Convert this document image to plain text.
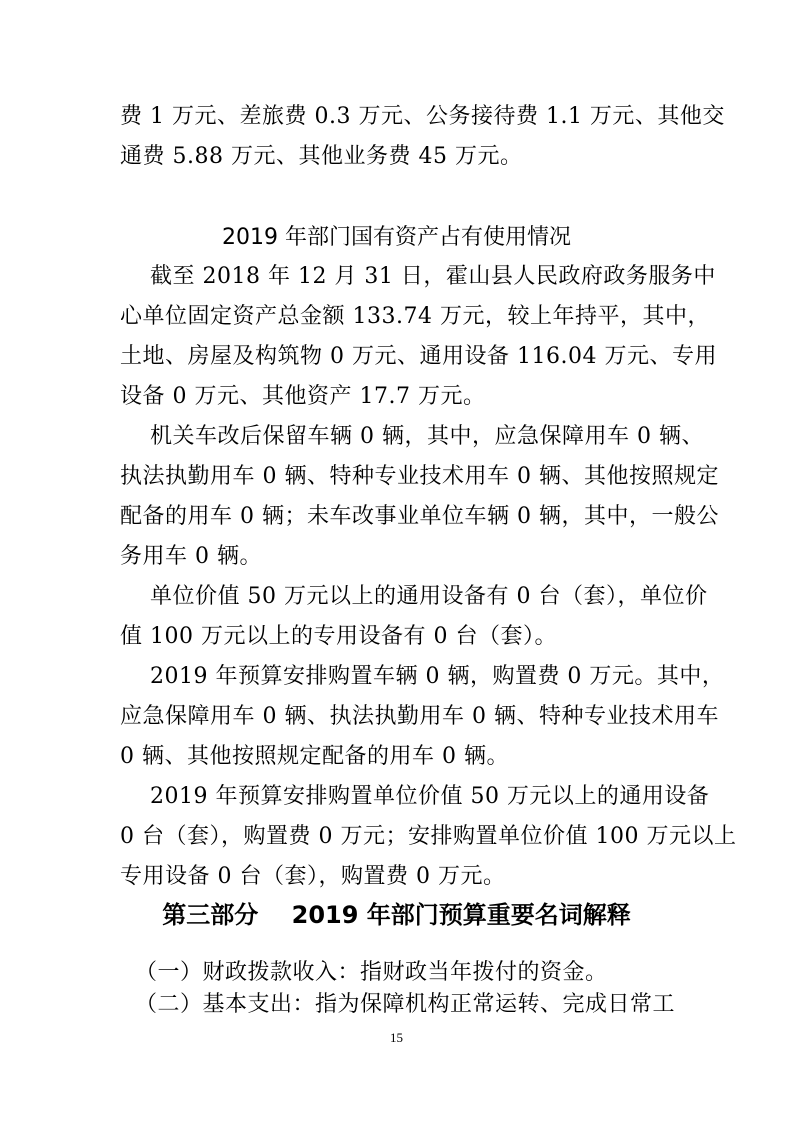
费 1 万元、差旅费 0.3 万元、公务接待费 1.1 万元、其他交
通费 5.88 万元、其他业务费 45 万元。
2019 年部门国有资产占有使用情况
截至 2018 年 12 月 31 日，霍山县人民政府政务服务中
心单位固定资产总金额 133.74 万元，较上年持平，其中，
土地、房屋及构筑物 0 万元、通用设备 116.04 万元、专用
设备 0 万元、其他资产 17.7 万元。
机关车改后保留车辆 0 辆，其中，应急保障用车 0 辆、
执法执勤用车 0 辆、特种专业技术用车 0 辆、其他按照规定
配备的用车 0 辆；未车改事业单位车辆 0 辆，其中，一般公
务用车 0 辆。
单位价值 50 万元以上的通用设备有 0 台（套），单位价
值 100 万元以上的专用设备有 0 台（套）。
2019 年预算安排购置车辆 0 辆，购置费 0 万元。其中，
应急保障用车 0 辆、执法执勤用车 0 辆、特种专业技术用车
0 辆、其他按照规定配备的用车 0 辆。
2019 年预算安排购置单位价值 50 万元以上的通用设备
0 台（套），购置费 0 万元；安排购置单位价值 100 万元以上
专用设备 0 台（套），购置费 0 万元。
第三部分    2019 年部门预算重要名词解释
（一）财政拨款收入：指财政当年拨付的资金。
（二）基本支出：指为保障机构正常运转、完成日常工
15
